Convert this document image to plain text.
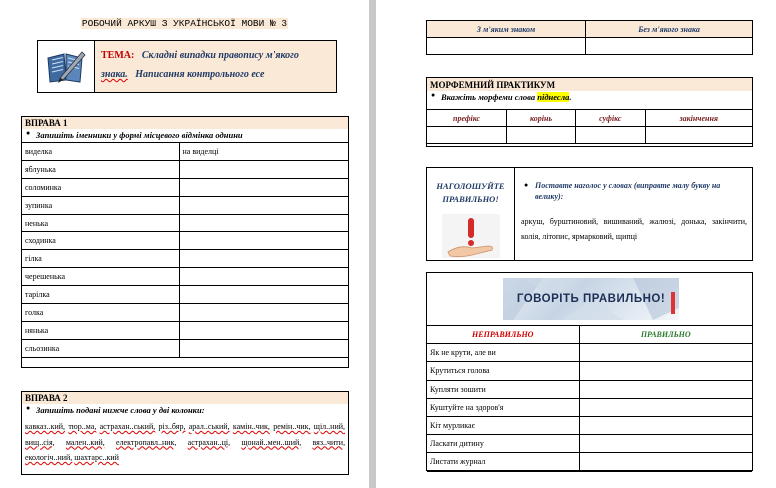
РОБОЧИЙ АРКУШ З УКРАЇНСЬКОЇ МОВИ № 3
ТЕМА: Складні випадки правопису м'якого
знака. Написання контрольного есе
ВПРАВА 1
● Запишіть іменники у формі місцевого відмінка однини
виделка	на виделці
яблунька	
соломинка	
зупинка	
ненька	
сходинка	
гілка	
черешенька	
тарілка	
голка	
нянька	
сльозинка	
ВПРАВА 2
● Запишіть подані нижче слова у дві колонки:
кавказ..кий, тюр..ма, астрахан..ський, різ..бяр, арал..ський, камін..чик, ремін..чик, щіл..ний, вищ..сія, мален..кий, електропавл..ник, астрахан..ці, щонай..мен..ший, вяз..чити, екологіч..ний, шахтарс..кий
З м'яким знаком	Без м'якого знака

МОРФЕМНИЙ ПРАКТИКУМ
● Вкажіть морфеми слова піднесла.
префікс	корінь	суфікс	закінчення

НАГОЛОШУЙТЕ
ПРАВИЛЬНО!
● Поставте наголос у словах (виправте малу букву на велику):
аркуш, бурштиновий, вишиваний, жалюзі, донька, закінчити, колія, літопис, ярмарковий, щипці
ГОВОРІТЬ ПРАВИЛЬНО!
НЕПРАВИЛЬНО	ПРАВИЛЬНО
Як не крути, але ви	
Крутиться голова	
Купляти зошити	
Куштуйте на здоров'я	
Кіт мурликає	
Ласкати дитину	
Листати журнал	
